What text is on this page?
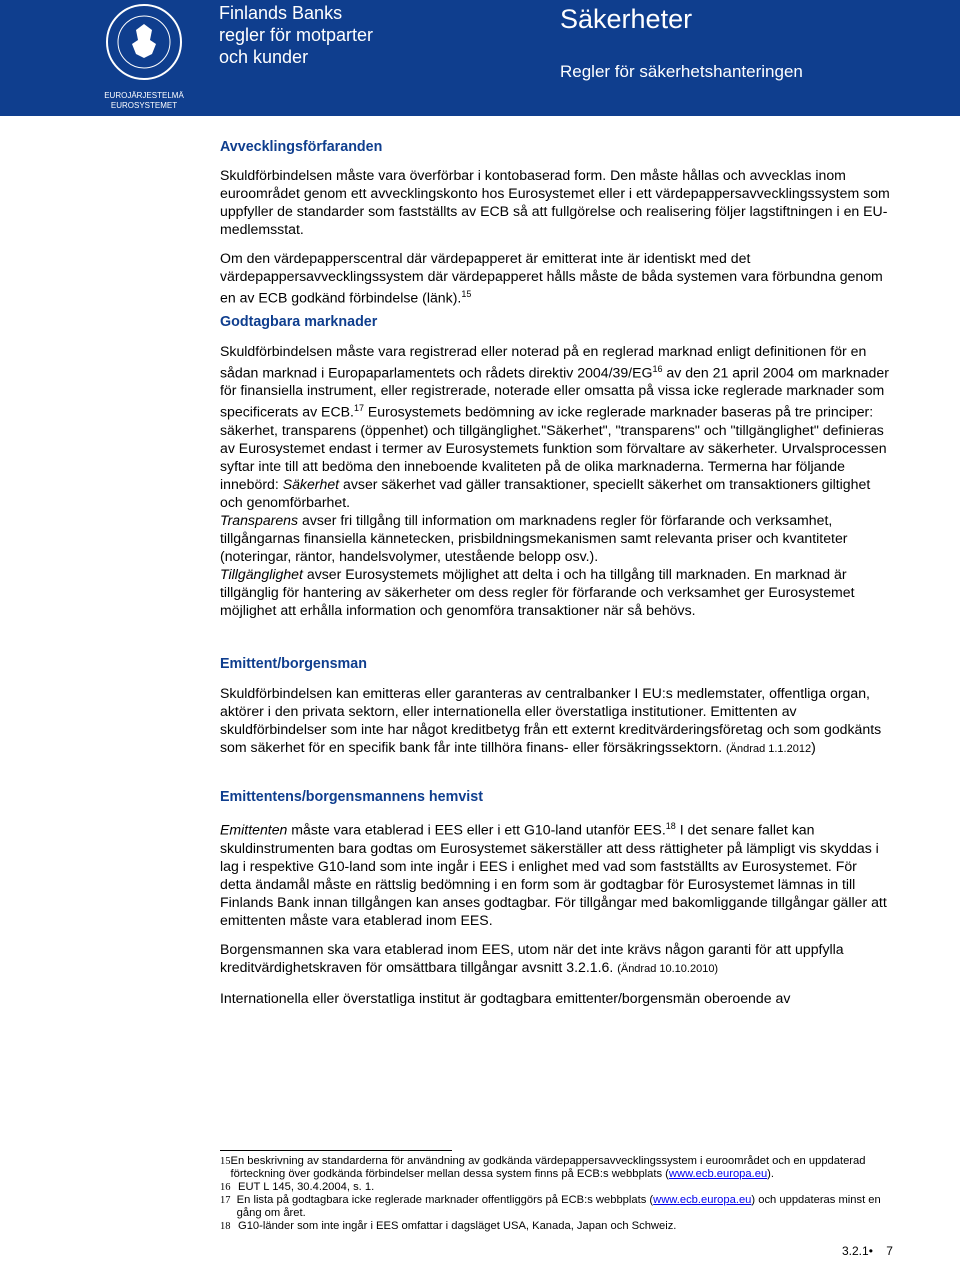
EUROJÄRJESTELMÄ
EUROSYSTEMET
Finlands Banks
regler för motparter
och kunder
Säkerheter
Regler för säkerhetshanteringen
Avvecklingsförfaranden

Skuldförbindelsen måste vara överförbar i kontobaserad form. Den måste hållas och avvecklas inom euroområdet genom ett avvecklingskonto hos Eurosystemet eller i ett värdepappersavvecklingssystem som uppfyller de standarder som fastställts av ECB så att fullgörelse och realisering följer lagstiftningen i en EU-medlemsstat.

Om den värdepapperscentral där värdepapperet är emitterat inte är identiskt med det värdepappersavvecklingssystem där värdepapperet hålls måste de båda systemen vara förbundna genom en av ECB godkänd förbindelse (länk).$^{15}$

Godtagbara marknader

Skuldförbindelsen måste vara registrerad eller noterad på en reglerad marknad enligt definitionen för en sådan marknad i Europaparlamentets och rådets direktiv 2004/39/EG$^{16}$ av den 21 april 2004 om marknader för finansiella instrument, eller registrerade, noterade eller omsatta på vissa icke reglerade marknader som specificerats av ECB.$^{17}$ Eurosystemets bedömning av icke reglerade marknader baseras på tre principer: säkerhet, transparens (öppenhet) och tillgänglighet."Säkerhet", "transparens" och "tillgänglighet" definieras av Eurosystemet endast i termer av Eurosystemets funktion som förvaltare av säkerheter. Urvalsprocessen syftar inte till att bedöma den inneboende kvaliteten på de olika marknaderna. Termerna har följande innebörd: Säkerhet avser säkerhet vad gäller transaktioner, speciellt säkerhet om transaktioners giltighet och genomförbarhet.
Transparens avser fri tillgång till information om marknadens regler för förfarande och verksamhet, tillgångarnas finansiella kännetecken, prisbildningsmekanismen samt relevanta priser och kvantiteter (noteringar, räntor, handelsvolymer, utestående belopp osv.).
Tillgänglighet avser Eurosystemets möjlighet att delta i och ha tillgång till marknaden. En marknad är tillgänglig för hantering av säkerheter om dess regler för förfarande och verksamhet ger Eurosystemet möjlighet att erhålla information och genomföra transaktioner när så behövs.

Emittent/borgensman

Skuldförbindelsen kan emitteras eller garanteras av centralbanker I EU:s medlemstater, offentliga organ, aktörer i den privata sektorn, eller internationella eller överstatliga institutioner. Emittenten av skuldförbindelser som inte har något kreditbetyg från ett externt kreditvärderingsföretag och som godkänts som säkerhet för en specifik bank får inte tillhöra finans- eller försäkringssektorn. (Ändrad 1.1.2012)

Emittentens/borgensmannens hemvist

Emittenten måste vara etablerad i EES eller i ett G10-land utanför EES.$^{18}$ I det senare fallet kan skuldinstrumenten bara godtas om Eurosystemet säkerställer att dess rättigheter på lämpligt vis skyddas i lag i respektive G10-land som inte ingår i EES i enlighet med vad som fastställts av Eurosystemet. För detta ändamål måste en rättslig bedömning i en form som är godtagbar för Eurosystemet lämnas in till Finlands Bank innan tillgången kan anses godtagbar. För tillgångar med bakomliggande tillgångar gäller att emittenten måste vara etablerad inom EES.

Borgensmannen ska vara etablerad inom EES, utom när det inte krävs någon garanti för att uppfylla kreditvärdighetskraven för omsättbara tillgångar avsnitt 3.2.1.6. (Ändrad 10.10.2010)

Internationella eller överstatliga institut är godtagbara emittenter/borgensmän oberoende av

15 En beskrivning av standarderna för användning av godkända värdepappersavvecklingssystem i euroområdet och en uppdaterad förteckning över godkända förbindelser mellan dessa system finns på ECB:s webbplats (www.ecb.europa.eu).
16 EUT L 145, 30.4.2004, s. 1.
17 En lista på godtagbara icke reglerade marknader offentliggörs på ECB:s webbplats (www.ecb.europa.eu) och uppdateras minst en gång om året.
18 G10-länder som inte ingår i EES omfattar i dagsläget USA, Kanada, Japan och Schweiz.
3.2.1• 7
